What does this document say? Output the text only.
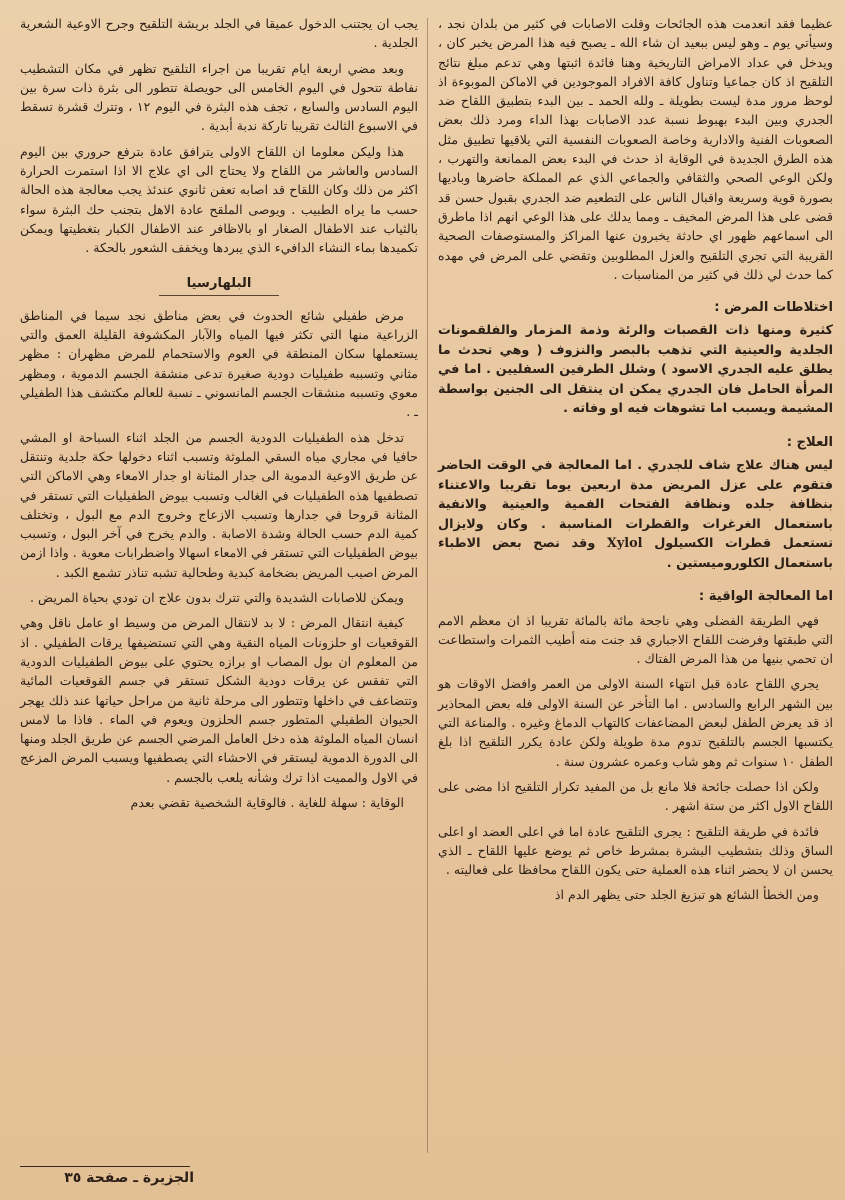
عظيما فقد انعدمت هذه الجائحات وقلت الاصابات في كثير من بلدان نجد ، وسيأتي يوم ـ وهو ليس ببعيد ان شاء الله ـ يصبح فيه هذا المرض يخبر كان ، ويدخل في عداد الامراض التاريخية وهنا فائدة اثبتها وهي تدعم مبلغ نتائج التلقيح اذ كان جماعيا وتناول كافة الافراد الموجودين في الاماكن الموبوءة اذ لوحظ مرور مدة ليست بطويلة ـ ولله الحمد ـ بين البدء بتطبيق اللقاح ضد الجدري وبين البدء بهبوط نسبة عدد الاصابات بهذا الداء ومرد ذلك بعض الصعوبات الفنية والادارية وخاصة الصعوبات النفسية التي يلاقيها تطبيق مثل هذه الطرق الجديدة في الوقاية اذ حدث في البدء بعض الممانعة والتهرب ، ولكن الوعي الصحي والثقافي والجماعي الذي عم المملكة حاضرها وباديها بصورة قوية وسريعة واقبال الناس على التطعيم ضد الجدري بقبول حسن قد قضى على هذا المرض المخيف ـ ومما يدلك على هذا الوعي انهم اذا ماطرق الى اسماعهم ظهور اي حادثة يخبرون عنها المراكز والمستوصفات الصحية القريبة التي تجري التلقيح والعزل المطلوبين وتقضي على المرض في مهده كما حدث لي ذلك في كثير من المناسبات .

اختلاطات المرض :

كثيرة ومنها ذات القصبات والرئة وذمة المزمار والفلقمونات الجلدية والعينية التي تذهب بالبصر والنزوف ( وهي تحدث ما يطلق عليه الجدري الاسود ) وشلل الطرفين السفليين . اما في المرأة الحامل فان الجدري يمكن ان ينتقل الى الجنين بواسطة المشيمة ويسبب اما تشوهات فيه او وفاته .

العلاج :

ليس هناك علاج شاف للجدري . اما المعالجة في الوقت الحاضر فتقوم على عزل المريض مدة اربعين يوما تقريبا والاعتناء بنظافة جلده ونظافة الفتحات الفمية والعينية والانفية باستعمال الغرغرات والقطرات المناسبة . وكان ولايزال تستعمل قطرات الكسيلول Xylol وقد نصح بعض الاطباء باستعمال الكلوروميستين .

اما المعالجة الواقية :

فهي الطريقة الفضلى وهي ناجحة مائة بالمائة تقريبا اذ ان معظم الامم التي طبقتها وفرضت اللقاح الاجباري قد جنت منه أطيب الثمرات واستطاعت ان تحمي بنيها من هذا المرض الفتاك .

يجري اللقاح عادة قبل انتهاء السنة الاولى من العمر وافضل الاوقات هو بين الشهر الرابع والسادس . اما التأخر عن السنة الاولى فله بعض المحاذير اذ قد يعرض الطفل لبعض المضاعفات كالتهاب الدماغ وغيره . والمناعة التي يكتسبها الجسم بالتلقيح تدوم مدة طويلة ولكن عادة يكرر التلقيح اذا بلغ الطفل ١٠ سنوات ثم وهو شاب وعمره عشرون سنة .

ولكن اذا حصلت جائحة فلا مانع بل من المفيد تكرار التلقيح اذا مضى على اللقاح الاول اكثر من ستة اشهر .

فائدة في طريقة التلقيح : يجرى التلقيح عادة اما في اعلى العضد او اعلى الساق وذلك بتشطيب البشرة بمشرط خاص ثم يوضع عليها اللقاح ـ الذي يحسن ان لا يحضر اثناء هذه العملية حتى يكون اللقاح محافظا على فعاليته .

ومن الخطأ الشائع هو تبزيغ الجلد حتى يظهر الدم اذ

يجب ان يجتنب الدخول عميقا في الجلد بريشة التلقيح وجرح الاوعية الشعرية الجلدية .

وبعد مضي اربعة ايام تقريبا من اجراء التلقيح تظهر في مكان التشطيب نفاطة تتحول في اليوم الخامس الى حويصلة تتطور الى بثرة ذات سرة بين اليوم السادس والسابع ، تجف هذه البثرة في اليوم ١٢ ، وتترك قشرة تسقط في الاسبوع الثالث تقريبا تاركة ندبة أبدية .

هذا وليكن معلوما ان اللقاح الاولى يترافق عادة بترفع حروري بين اليوم السادس والعاشر من اللقاح ولا يحتاج الى اي علاج الا اذا استمرت الحرارة اكثر من ذلك وكان اللقاح قد اصابه تعفن ثانوي عندئذ يجب معالجة هذه الحالة حسب ما يراه الطبيب . ويوصى الملقح عادة الاهل بتجنب حك البثرة سواء بالثياب عند الاطفال الصغار او بالاظافر عند الاطفال الكبار بتغطيتها ويمكن تكميدها بماء النشاء الدافيء الذي يبردها ويخفف الشعور بالحكة .

البلهارسيا

مرض طفيلي شائع الحدوث في بعض مناطق نجد سيما في المناطق الزراعية منها التي تكثر فيها المياه والآبار المكشوفة القليلة العمق والتي يستعملها سكان المنطقة في العوم والاستحمام للمرض مظهران : مظهر مثاني وتسببه طفيليات دودية صغيرة تدعى منشقة الجسم الدموية ، ومظهر معوي وتسببه منشقات الجسم المانسوني ـ نسبة للعالم مكتشف هذا الطفيلي ـ .

تدخل هذه الطفيليات الدودية الجسم من الجلد اثناء السباحة او المشي حافيا في مجاري مياه السقي الملوثة وتسبب اثناء دخولها حكة جلدية وتنتقل عن طريق الاوعية الدموية الى جدار المثانة او جدار الامعاء وهي الاماكن التي تصطفيها هذه الطفيليات في الغالب وتسبب بيوض الطفيليات التي تستقر في المثانة قروحا في جدارها وتسبب الازعاج وخروج الدم مع البول ، وتختلف كمية الدم حسب الحالة وشدة الاصابة . والدم يخرج في آخر البول ، وتسبب بيوض الطفيليات التي تستقر في الامعاء اسهالا واضطرابات معوية . واذا ازمن المرض اصيب المريض بضخامة كبدية وطحالية تشبه تناذر تشمع الكبد .

ويمكن للاصابات الشديدة والتي تترك بدون علاج ان تودي بحياة المريض .

كيفية انتقال المرض : لا بد لانتقال المرض من وسيط او عامل ناقل وهي القوقعيات او حلزونات المياه النقية وهي التي تستضيفها يرقات الطفيلي . اذ من المعلوم ان بول المصاب او برازه يحتوي على بيوض الطفيليات الدودية التي تفقس عن يرقات دودية الشكل تستقر في جسم القوقعيات المائية وتتضاعف في داخلها وتتطور الى مرحلة ثانية من مراحل حياتها عند ذلك يهجر الحيوان الطفيلي المتطور جسم الحلزون ويعوم في الماء . فاذا ما لامس انسان المياه الملوثة هذه دخل العامل المرضي الجسم عن طريق الجلد ومنها الى الدورة الدموية ليستقر في الاحشاء التي يصطفيها ويسبب المرض المزعج في الاول والمميت اذا ترك وشأنه يلعب بالجسم .

الوقاية : سهلة للغاية . فالوقاية الشخصية تقضي بعدم

الجزيرة ـ صفحة ٣٥
